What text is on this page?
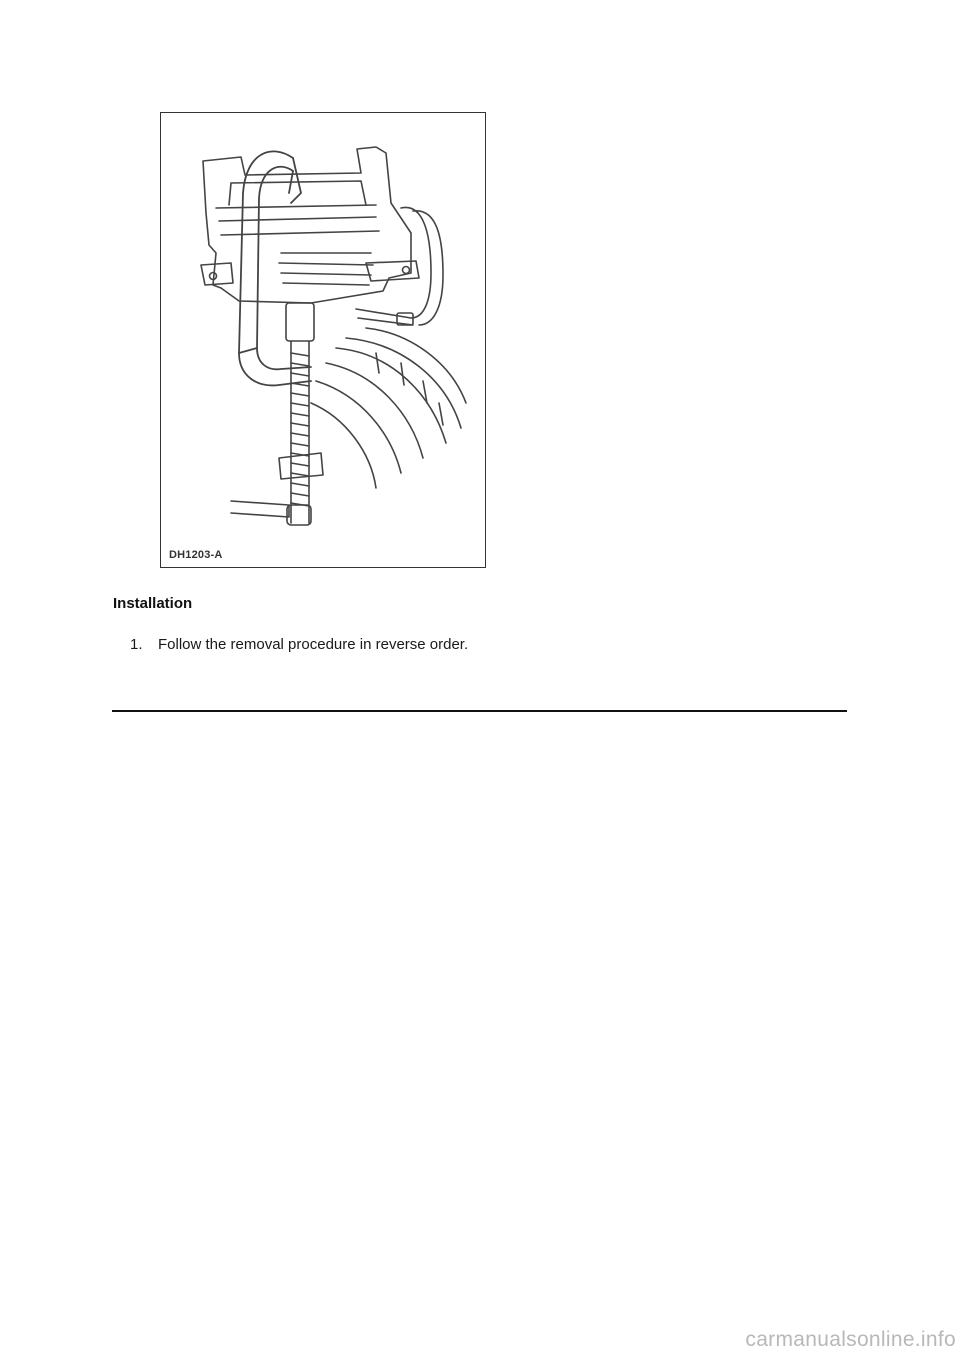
DH1203-A
Installation
1.	Follow the removal procedure in reverse order.
carmanualsonline.info
